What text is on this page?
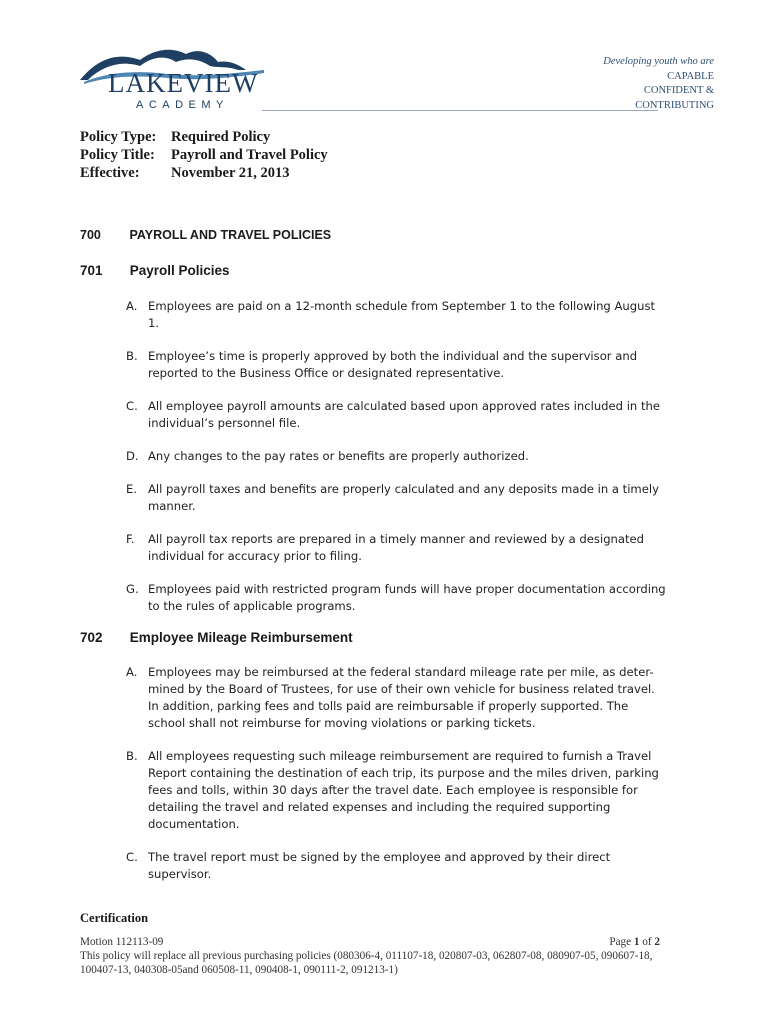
LAKEVIEW
ACADEMY
Developing youth who are
CAPABLE
CONFIDENT &
CONTRIBUTING
Policy Type:	Required Policy
Policy Title:	Payroll and Travel Policy
Effective:	November 21, 2013
700 PAYROLL AND TRAVEL POLICIES
701 Payroll Policies
A. Employees are paid on a 12-month schedule from September 1 to the following August 1.
B. Employee’s time is properly approved by both the individual and the supervisor and reported to the Business Office or designated representative.
C. All employee payroll amounts are calculated based upon approved rates included in the individual’s personnel file.
D. Any changes to the pay rates or benefits are properly authorized.
E. All payroll taxes and benefits are properly calculated and any deposits made in a timely manner.
F.	All payroll tax reports are prepared in a timely manner and reviewed by a designated individual for accuracy prior to filing.
G. Employees paid with restricted program funds will have proper documentation according to the rules of applicable programs.
702 Employee Mileage Reimbursement
A. Employees may be reimbursed at the federal standard mileage rate per mile, as deter-mined by the Board of Trustees, for use of their own vehicle for business related travel. In addition, parking fees and tolls paid are reimbursable if properly supported. The school shall not reimburse for moving violations or parking tickets.
B. All employees requesting such mileage reimbursement are required to furnish a Travel Report containing the destination of each trip, its purpose and the miles driven, parking fees and tolls, within 30 days after the travel date. Each employee is responsible for detailing the travel and related expenses and including the required supporting documentation.
C. The travel report must be signed by the employee and approved by their direct supervisor.
Certification
Motion 112113-09	Page 1 of 2
This policy will replace all previous purchasing policies (080306-4, 011107-18, 020807-03, 062807-08, 080907-05, 090607-18, 100407-13, 040308-05and 060508-11, 090408-1, 090111-2, 091213-1)
